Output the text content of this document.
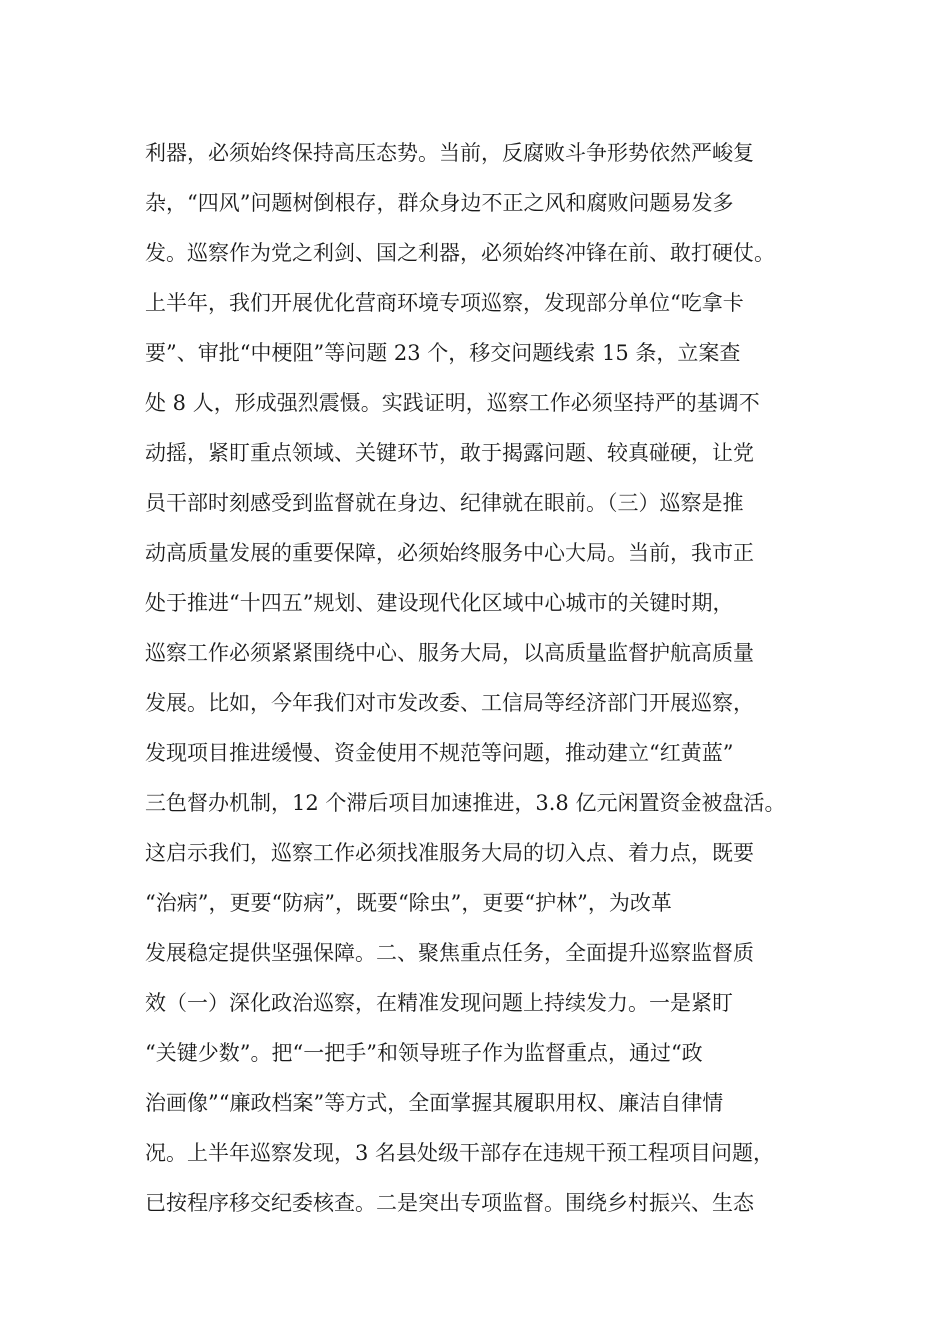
利器，必须始终保持高压态势。当前，反腐败斗争形势依然严峻复
杂，“四风”问题树倒根存，群众身边不正之风和腐败问题易发多
发。巡察作为党之利剑、国之利器，必须始终冲锋在前、敢打硬仗。
上半年，我们开展优化营商环境专项巡察，发现部分单位“吃拿卡
要”、审批“中梗阻”等问题 23 个，移交问题线索 15 条，立案查
处 8 人，形成强烈震慑。实践证明，巡察工作必须坚持严的基调不
动摇，紧盯重点领域、关键环节，敢于揭露问题、较真碰硬，让党
员干部时刻感受到监督就在身边、纪律就在眼前。（三）巡察是推
动高质量发展的重要保障，必须始终服务中心大局。当前，我市正
处于推进“十四五”规划、建设现代化区域中心城市的关键时期，
巡察工作必须紧紧围绕中心、服务大局，以高质量监督护航高质量
发展。比如，今年我们对市发改委、工信局等经济部门开展巡察，
发现项目推进缓慢、资金使用不规范等问题，推动建立“红黄蓝”
三色督办机制，12 个滞后项目加速推进，3.8 亿元闲置资金被盘活。
这启示我们，巡察工作必须找准服务大局的切入点、着力点，既要
“治病”，更要“防病”，既要“除虫”，更要“护林”，为改革
发展稳定提供坚强保障。二、聚焦重点任务，全面提升巡察监督质
效（一）深化政治巡察，在精准发现问题上持续发力。一是紧盯
“关键少数”。把“一把手”和领导班子作为监督重点，通过“政
治画像”“廉政档案”等方式，全面掌握其履职用权、廉洁自律情
况。上半年巡察发现，3 名县处级干部存在违规干预工程项目问题，
已按程序移交纪委核查。二是突出专项监督。围绕乡村振兴、生态
